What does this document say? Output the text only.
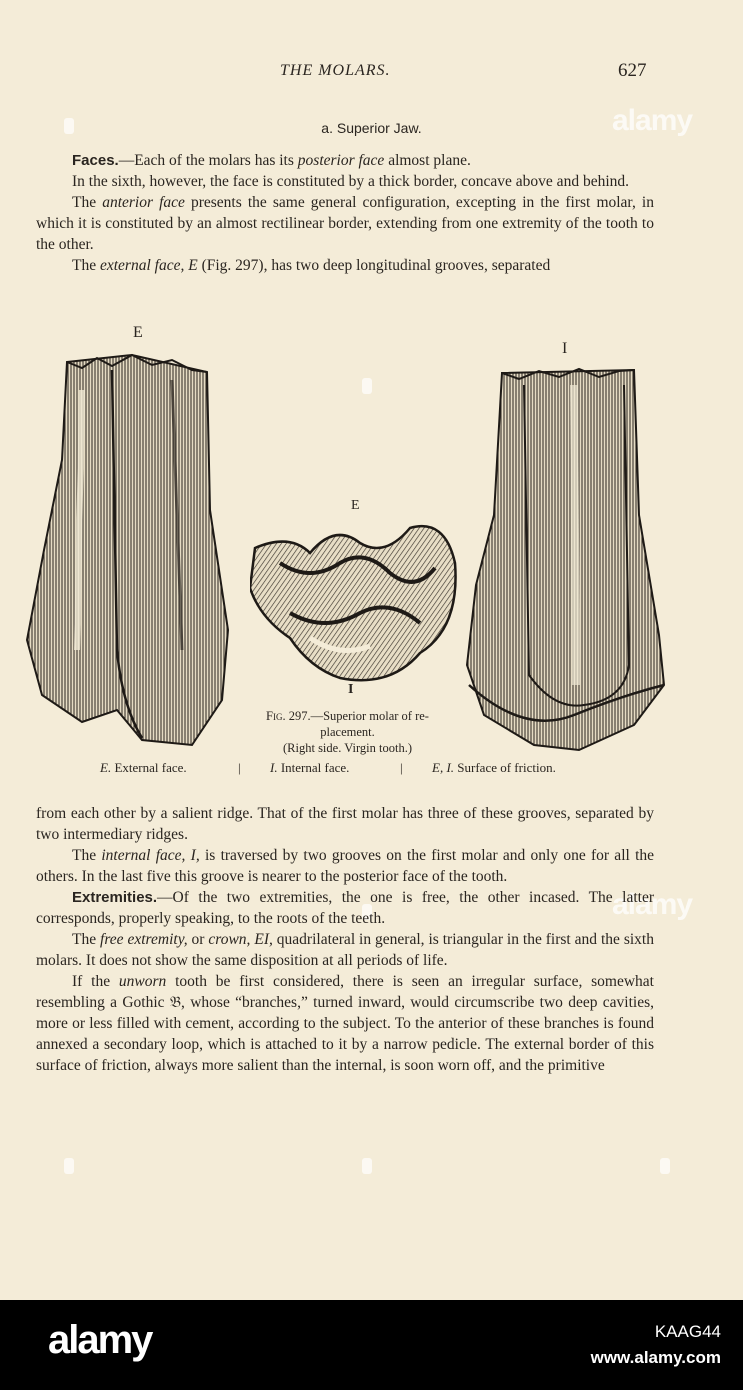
THE MOLARS.	627
alamy
alamy
a. Superior Jaw.

Faces.—Each of the molars has its posterior face almost plane.

In the sixth, however, the face is constituted by a thick border, concave above and behind.

The anterior face presents the same general configuration, excepting in the first molar, in which it is constituted by an almost rectilinear border, extending from one extremity of the tooth to the other.

The external face, E (Fig. 297), has two deep longitudinal grooves, separated

E
I
E
I
Fig. 297.—Superior molar of re-
placement.
(Right side. Virgin tooth.)
E. External face.	| I. Internal face.	| E, I. Surface of friction.

from each other by a salient ridge. That of the first molar has three of these grooves, separated by two intermediary ridges.

The internal face, I, is traversed by two grooves on the first molar and only one for all the others. In the last five this groove is nearer to the posterior face of the tooth.

Extremities.—Of the two extremities, the one is free, the other incased. The latter corresponds, properly speaking, to the roots of the teeth.

The free extremity, or crown, EI, quadrilateral in general, is triangular in the first and the sixth molars. It does not show the same disposition at all periods of life.

If the unworn tooth be first considered, there is seen an irregular surface, somewhat resembling a Gothic 𝔅, whose “branches,” turned inward, would circumscribe two deep cavities, more or less filled with cement, according to the subject. To the anterior of these branches is found annexed a secondary loop, which is attached to it by a narrow pedicle. The external border of this surface of friction, always more salient than the internal, is soon worn off, and the primitive

alamy	KAAG44
www.alamy.com
